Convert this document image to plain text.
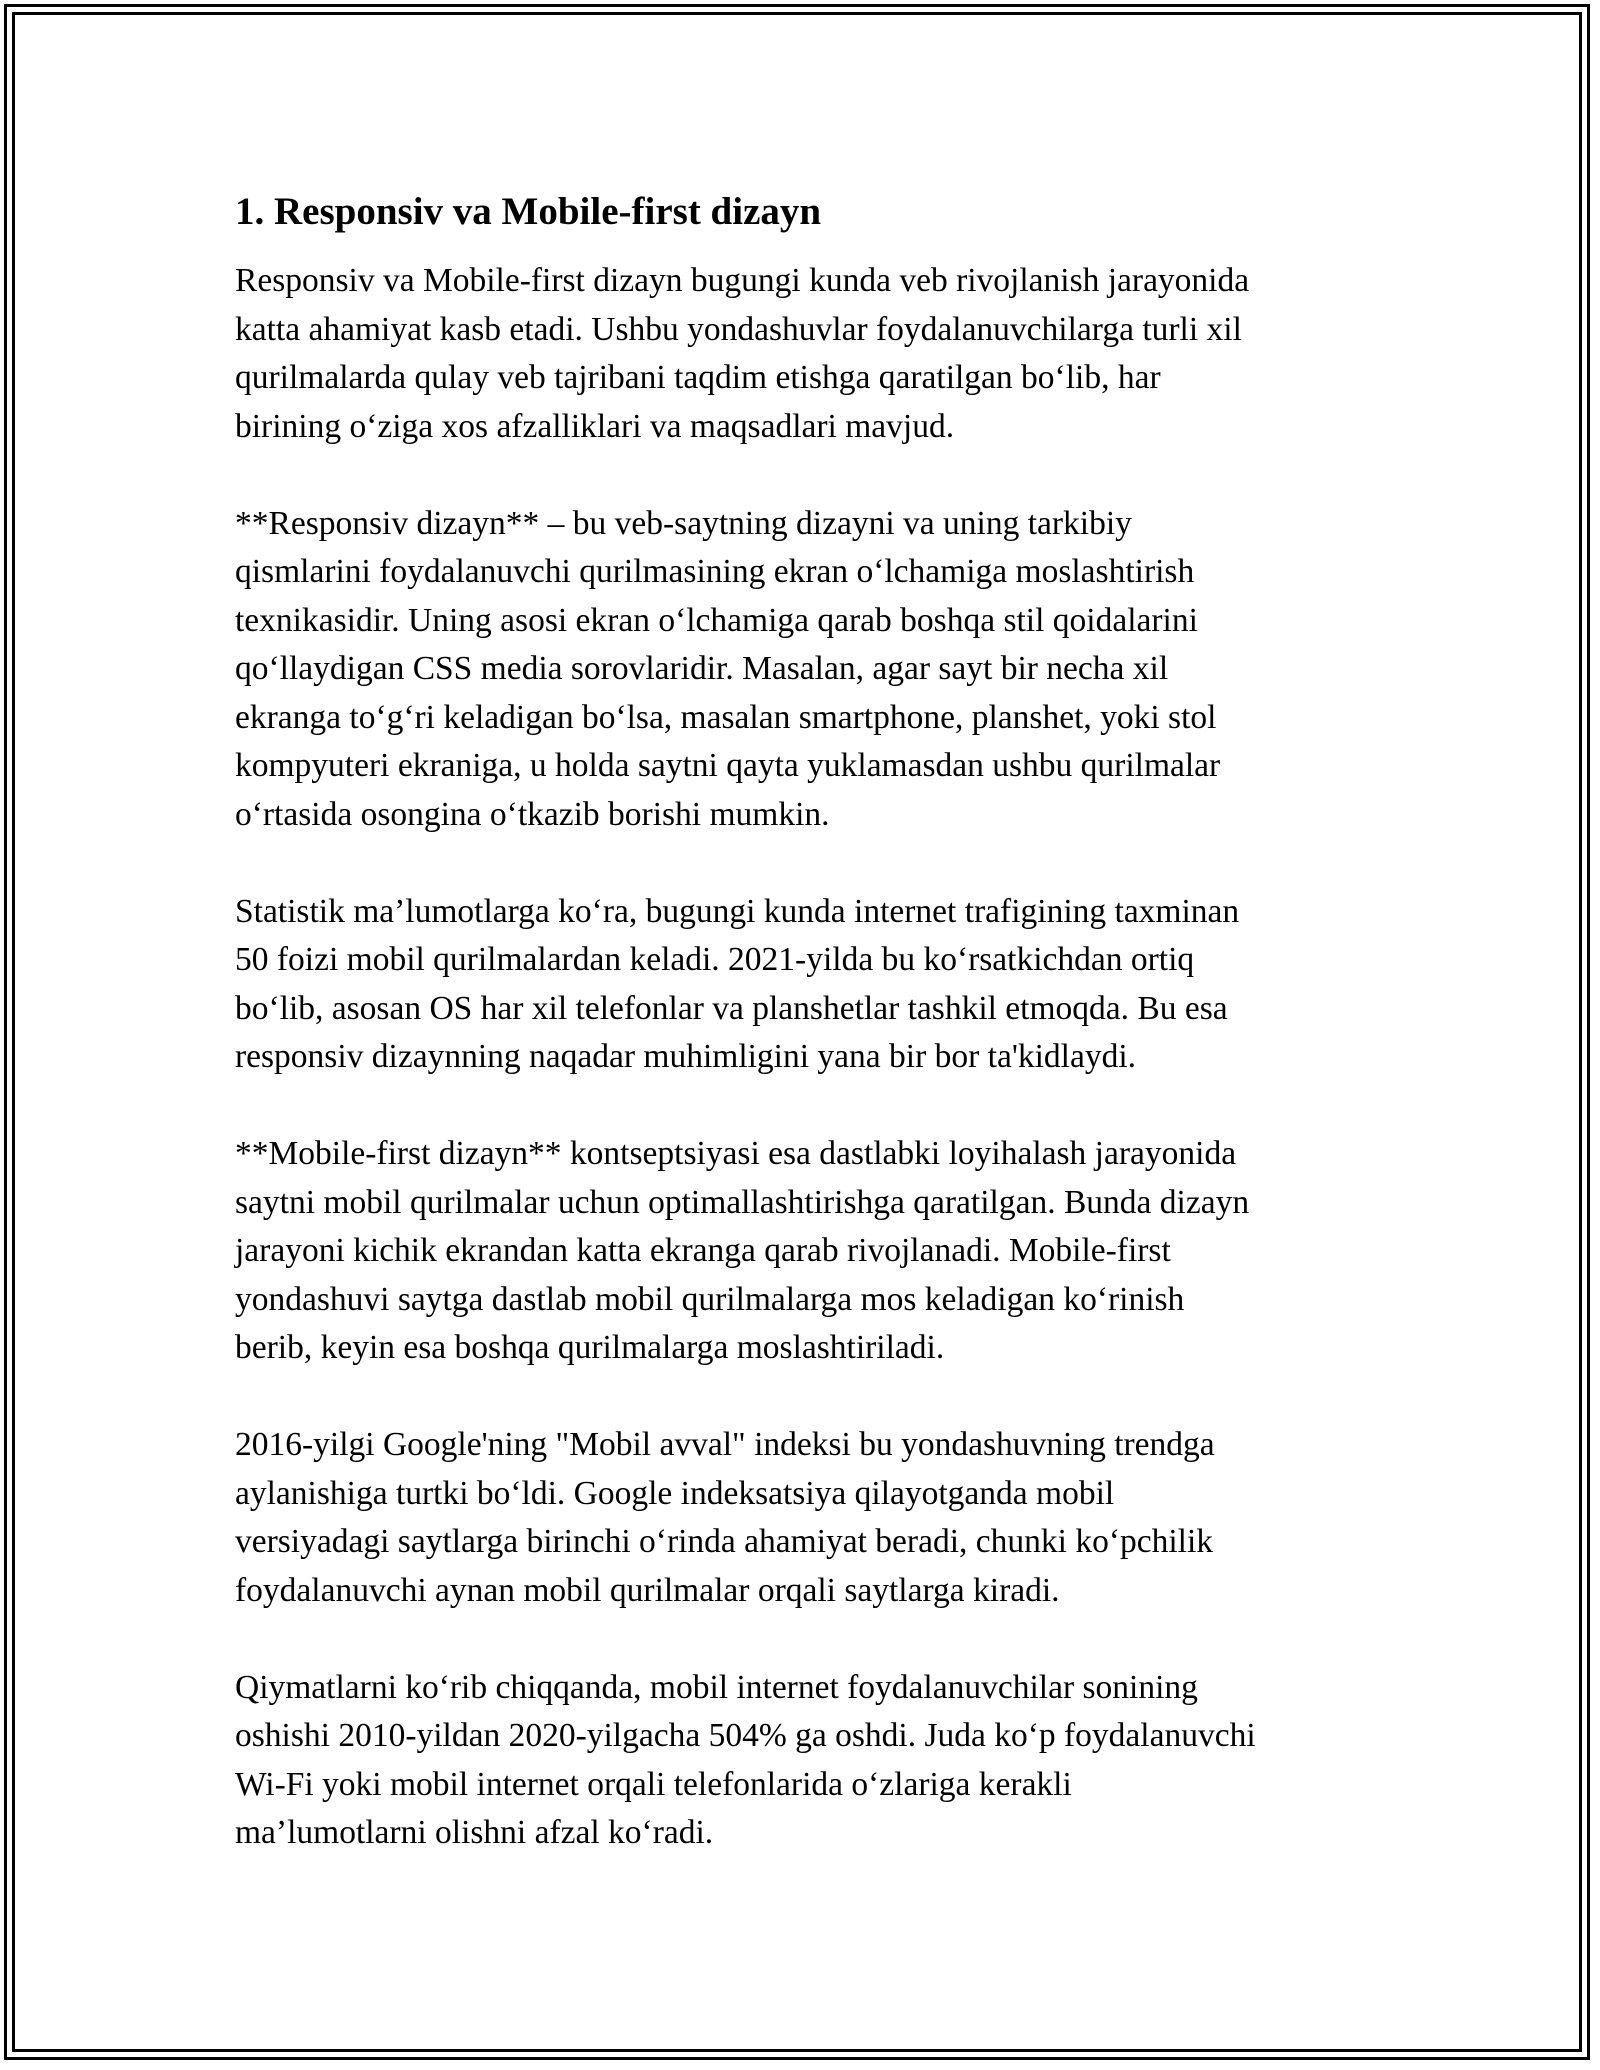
1. Responsiv va Mobile-first dizayn

Responsiv va Mobile-first dizayn bugungi kunda veb rivojlanish jarayonida
katta ahamiyat kasb etadi. Ushbu yondashuvlar foydalanuvchilarga turli xil
qurilmalarda qulay veb tajribani taqdim etishga qaratilgan bo‘lib, har
birining o‘ziga xos afzalliklari va maqsadlari mavjud.

**Responsiv dizayn** – bu veb-saytning dizayni va uning tarkibiy
qismlarini foydalanuvchi qurilmasining ekran o‘lchamiga moslashtirish
texnikasidir. Uning asosi ekran o‘lchamiga qarab boshqa stil qoidalarini
qo‘llaydigan CSS media sorovlaridir. Masalan, agar sayt bir necha xil
ekranga to‘g‘ri keladigan bo‘lsa, masalan smartphone, planshet, yoki stol
kompyuteri ekraniga, u holda saytni qayta yuklamasdan ushbu qurilmalar
o‘rtasida osongina o‘tkazib borishi mumkin.

Statistik ma’lumotlarga ko‘ra, bugungi kunda internet trafigining taxminan
50 foizi mobil qurilmalardan keladi. 2021-yilda bu ko‘rsatkichdan ortiq
bo‘lib, asosan OS har xil telefonlar va planshetlar tashkil etmoqda. Bu esa
responsiv dizaynning naqadar muhimligini yana bir bor ta'kidlaydi.

**Mobile-first dizayn** kontseptsiyasi esa dastlabki loyihalash jarayonida
saytni mobil qurilmalar uchun optimallashtirishga qaratilgan. Bunda dizayn
jarayoni kichik ekrandan katta ekranga qarab rivojlanadi. Mobile-first
yondashuvi saytga dastlab mobil qurilmalarga mos keladigan ko‘rinish
berib, keyin esa boshqa qurilmalarga moslashtiriladi.

2016-yilgi Google'ning "Mobil avval" indeksi bu yondashuvning trendga
aylanishiga turtki bo‘ldi. Google indeksatsiya qilayotganda mobil
versiyadagi saytlarga birinchi o‘rinda ahamiyat beradi, chunki ko‘pchilik
foydalanuvchi aynan mobil qurilmalar orqali saytlarga kiradi.

Qiymatlarni ko‘rib chiqqanda, mobil internet foydalanuvchilar sonining
oshishi 2010-yildan 2020-yilgacha 504% ga oshdi. Juda ko‘p foydalanuvchi
Wi-Fi yoki mobil internet orqali telefonlarida o‘zlariga kerakli
ma’lumotlarni olishni afzal ko‘radi.
